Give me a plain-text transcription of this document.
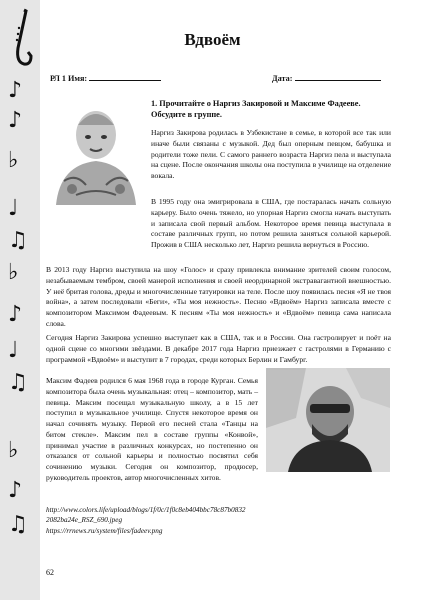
♪
♪
♭
♩
♫
♭
♪
♩
♫
♭
♪
♫
Вдвоём
РЛ 1 Имя:	Дата:
1. Прочитайте о Наргиз Закировой и Максиме Фадееве. Обсудите в группе.
Наргиз Закирова родилась в Узбекистане в семье, в которой все так или иначе были связаны с музыкой. Дед был оперным певцом, бабушка и родители тоже пели. С самого раннего возраста Наргиз пела и выступала на сцене. После окончания школы она поступила в училище на отделение вокала.
В 1995 году она эмигрировала в США, где постаралась начать сольную карьеру. Было очень тяжело, но упорная Наргиз смогла начать выступать и записала свой первый альбом. Некоторое время певица выступала в составе различных групп, но потом решила заняться сольной карьерой. Прожив в США несколько лет, Наргиз решила вернуться в Россию.
В 2013 году Наргиз выступила на шоу «Голос» и сразу привлекла внимание зрителей своим голосом, незабываемым тембром, своей манерой исполнения и своей неординарной экстравагантной внешностью. У неё бритая голова, дреды и многочисленные татуировки на теле. После шоу появилась песня «Я не твоя война», а затем последовали «Беги», «Ты моя нежность». Песню «Вдвоём» Наргиз записала вместе с композитором Максимом Фадеевым. К песням «Ты моя нежность» и «Вдвоём» певица сама написала слова.
Сегодня Наргиз Закирова успешно выступает как в США, так и в России. Она гастролирует и поёт на одной сцене со многими звёздами. В декабре 2017 года Наргиз приезжает с гастролями в Германию с программой «Вдвоём» и выступит в 7 городах, среди которых Берлин и Гамбург.
Максим Фадеев родился 6 мая 1968 года в городе Курган. Семья композитора была очень музыкальная: отец – композитор, мать – певица. Максим посещал музыкальную школу, а в 15 лет поступил в музыкальное училище. Спустя некоторое время он начал сочинять музыку. Первой его песней стала «Танцы на битом стекле». Максим пел в составе группы «Конвой», принимал участие в различных конкурсах, но постепенно он отказался от сольной карьеры и полностью посвятил себя сочинению музыки. Сегодня он композитор, продюсер, руководитель проектов, автор многочисленных хитов.
http://www.colors.life/upload/blogs/1f/0c/1f0c8eb404bbc78c87b08322082ba24e_RSZ_690.jpeg
https://rrnews.ru/system/files/fadeev.png
62
